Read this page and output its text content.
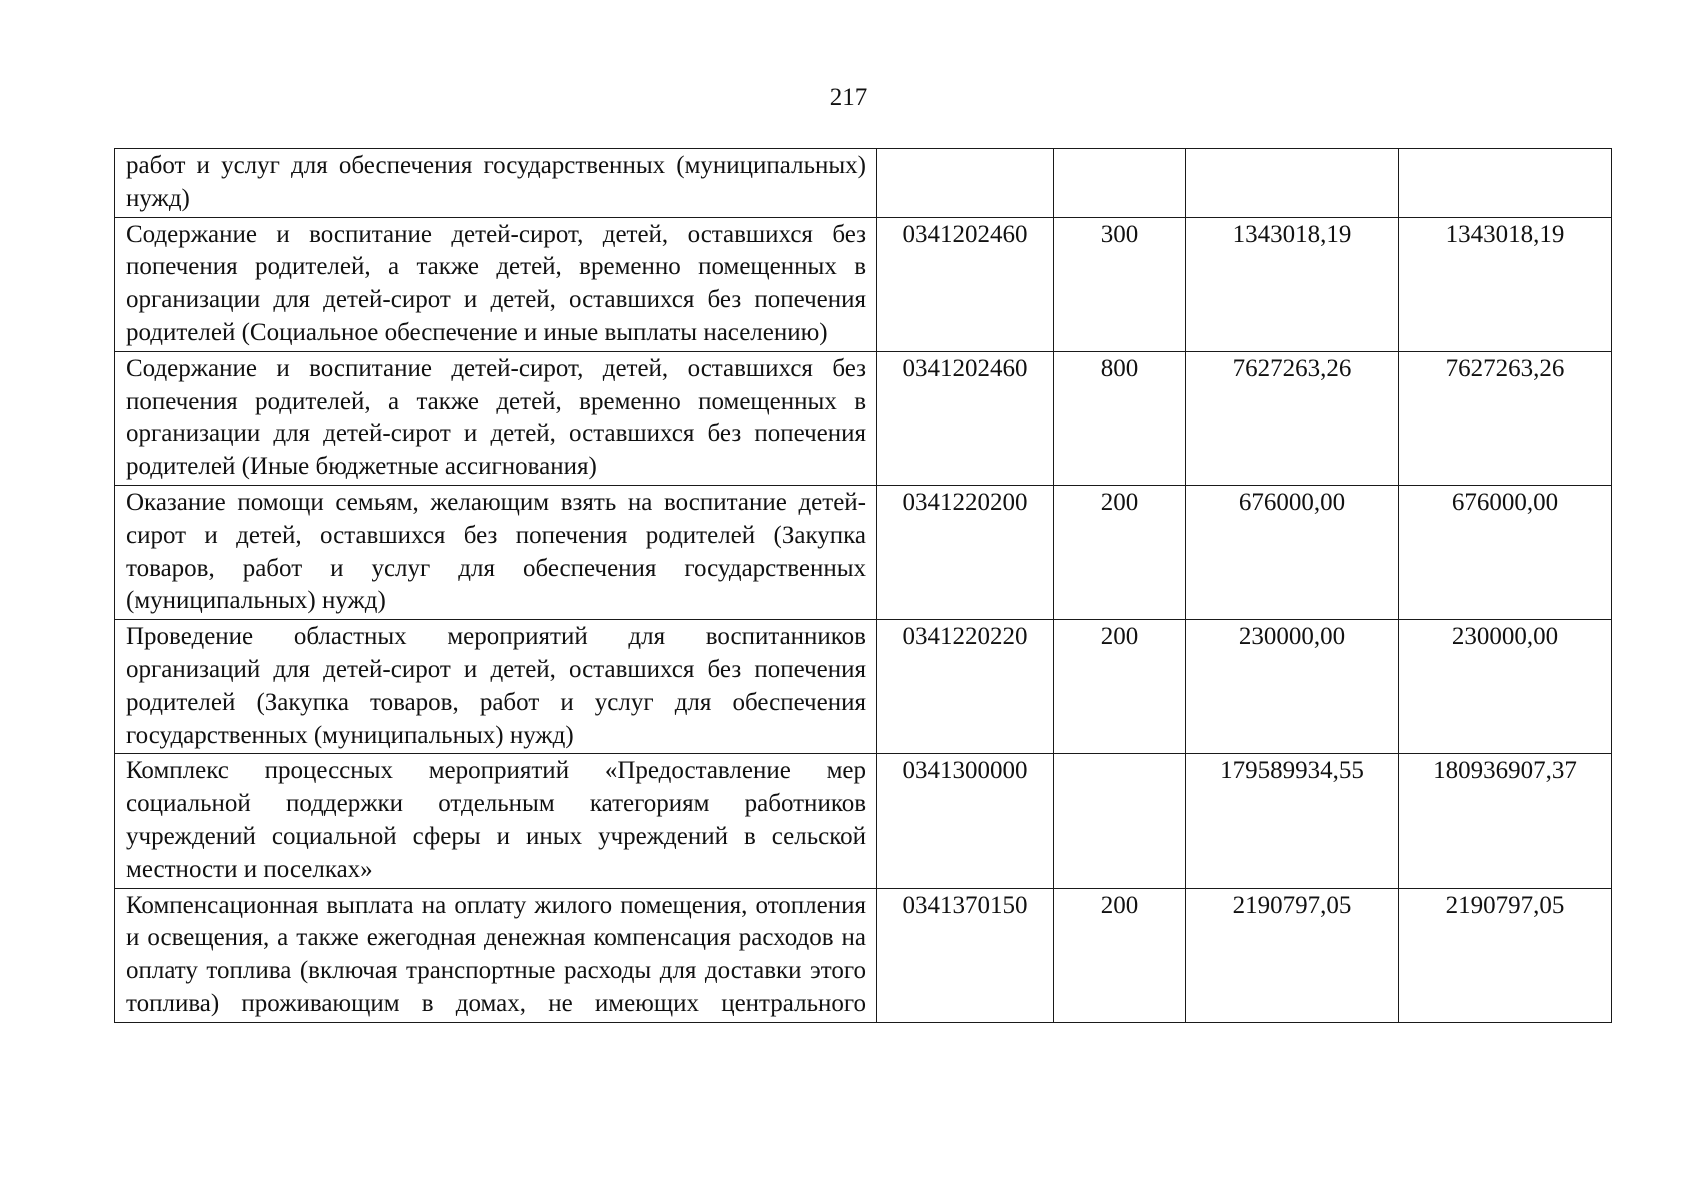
217
работ и услуг для обеспечения государственных (муниципальных) нужд)				
Содержание и воспитание детей-сирот, детей, оставшихся без попечения родителей, а также детей, временно помещенных в организации для детей-сирот и детей, оставшихся без попечения родителей (Социальное обеспечение и иные выплаты населению)	0341202460	300	1343018,19	1343018,19
Содержание и воспитание детей-сирот, детей, оставшихся без попечения родителей, а также детей, временно помещенных в организации для детей-сирот и детей, оставшихся без попечения родителей (Иные бюджетные ассигнования)	0341202460	800	7627263,26	7627263,26
Оказание помощи семьям, желающим взять на воспитание детей-сирот и детей, оставшихся без попечения родителей (Закупка товаров, работ и услуг для обеспечения государственных (муниципальных) нужд)	0341220200	200	676000,00	676000,00
Проведение областных мероприятий для воспитанников организаций для детей-сирот и детей, оставшихся без попечения родителей (Закупка товаров, работ и услуг для обеспечения государственных (муниципальных) нужд)	0341220220	200	230000,00	230000,00
Комплекс процессных мероприятий «Предоставление мер социальной поддержки отдельным категориям работников учреждений социальной сферы и иных учреждений в сельской местности и поселках»	0341300000		179589934,55	180936907,37
Компенсационная выплата на оплату жилого помещения, отопления и освещения, а также ежегодная денежная компенсация расходов на оплату топлива (включая транспортные расходы для доставки этого топлива) проживающим в домах, не имеющих центрального	0341370150	200	2190797,05	2190797,05
